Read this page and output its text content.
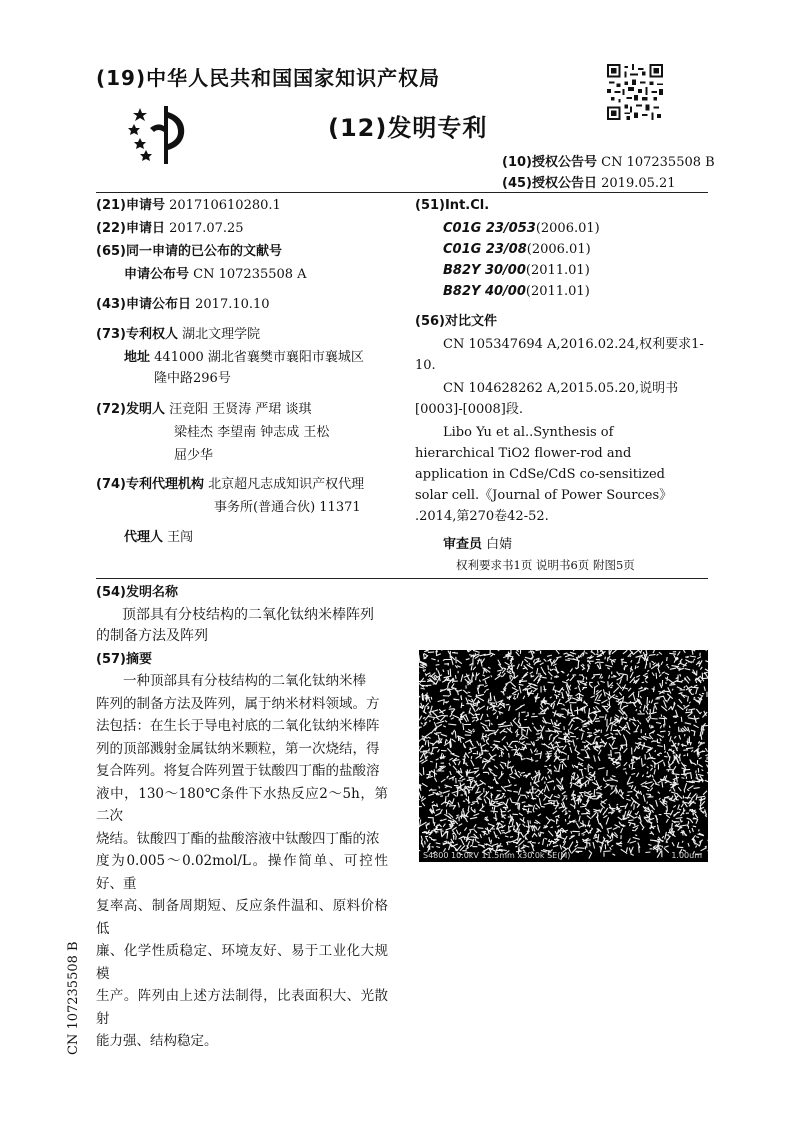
(19)中华人民共和国国家知识产权局
(12)发明专利
(10)授权公告号 CN 107235508 B
(45)授权公告日 2019.05.21
(21)申请号 201710610280.1
(22)申请日 2017.07.25
(65)同一申请的已公布的文献号
申请公布号 CN 107235508 A
(43)申请公布日 2017.10.10
(73)专利权人 湖北文理学院
地址 441000 湖北省襄樊市襄阳市襄城区
隆中路296号
(72)发明人 汪竞阳 王贤涛 严珺 谈琪
梁桂杰 李望南 钟志成 王松
屈少华
(74)专利代理机构 北京超凡志成知识产权代理
事务所(普通合伙) 11371
代理人 王闯
(51)Int.Cl.
C01G 23/053(2006.01)
C01G 23/08(2006.01)
B82Y 30/00(2011.01)
B82Y 40/00(2011.01)
(56)对比文件
CN 105347694 A,2016.02.24,权利要求1-
10.
CN 104628262 A,2015.05.20,说明书
[0003]-[0008]段.
Libo Yu et al..Synthesis of
hierarchical TiO2 flower-rod and
application in CdSe/CdS co-sensitized
solar cell.《Journal of Power Sources》
.2014,第270卷42-52.
审查员 白婧
权利要求书1页 说明书6页 附图5页
(54)发明名称
顶部具有分枝结构的二氧化钛纳米棒阵列
的制备方法及阵列
(57)摘要
一种顶部具有分枝结构的二氧化钛纳米棒
阵列的制备方法及阵列，属于纳米材料领域。方
法包括：在生长于导电衬底的二氧化钛纳米棒阵
列的顶部溅射金属钛纳米颗粒，第一次烧结，得
复合阵列。将复合阵列置于钛酸四丁酯的盐酸溶
液中，130～180℃条件下水热反应2～5h，第二次
烧结。钛酸四丁酯的盐酸溶液中钛酸四丁酯的浓
度为0.005～0.02mol/L。操作简单、可控性好、重
复率高、制备周期短、反应条件温和、原料价格低
廉、化学性质稳定、环境友好、易于工业化大规模
生产。阵列由上述方法制得，比表面积大、光散射
能力强、结构稳定。
S4800 10.0kV 11.5mm x30.0k SE(M)	1.00um
CN 107235508 B
